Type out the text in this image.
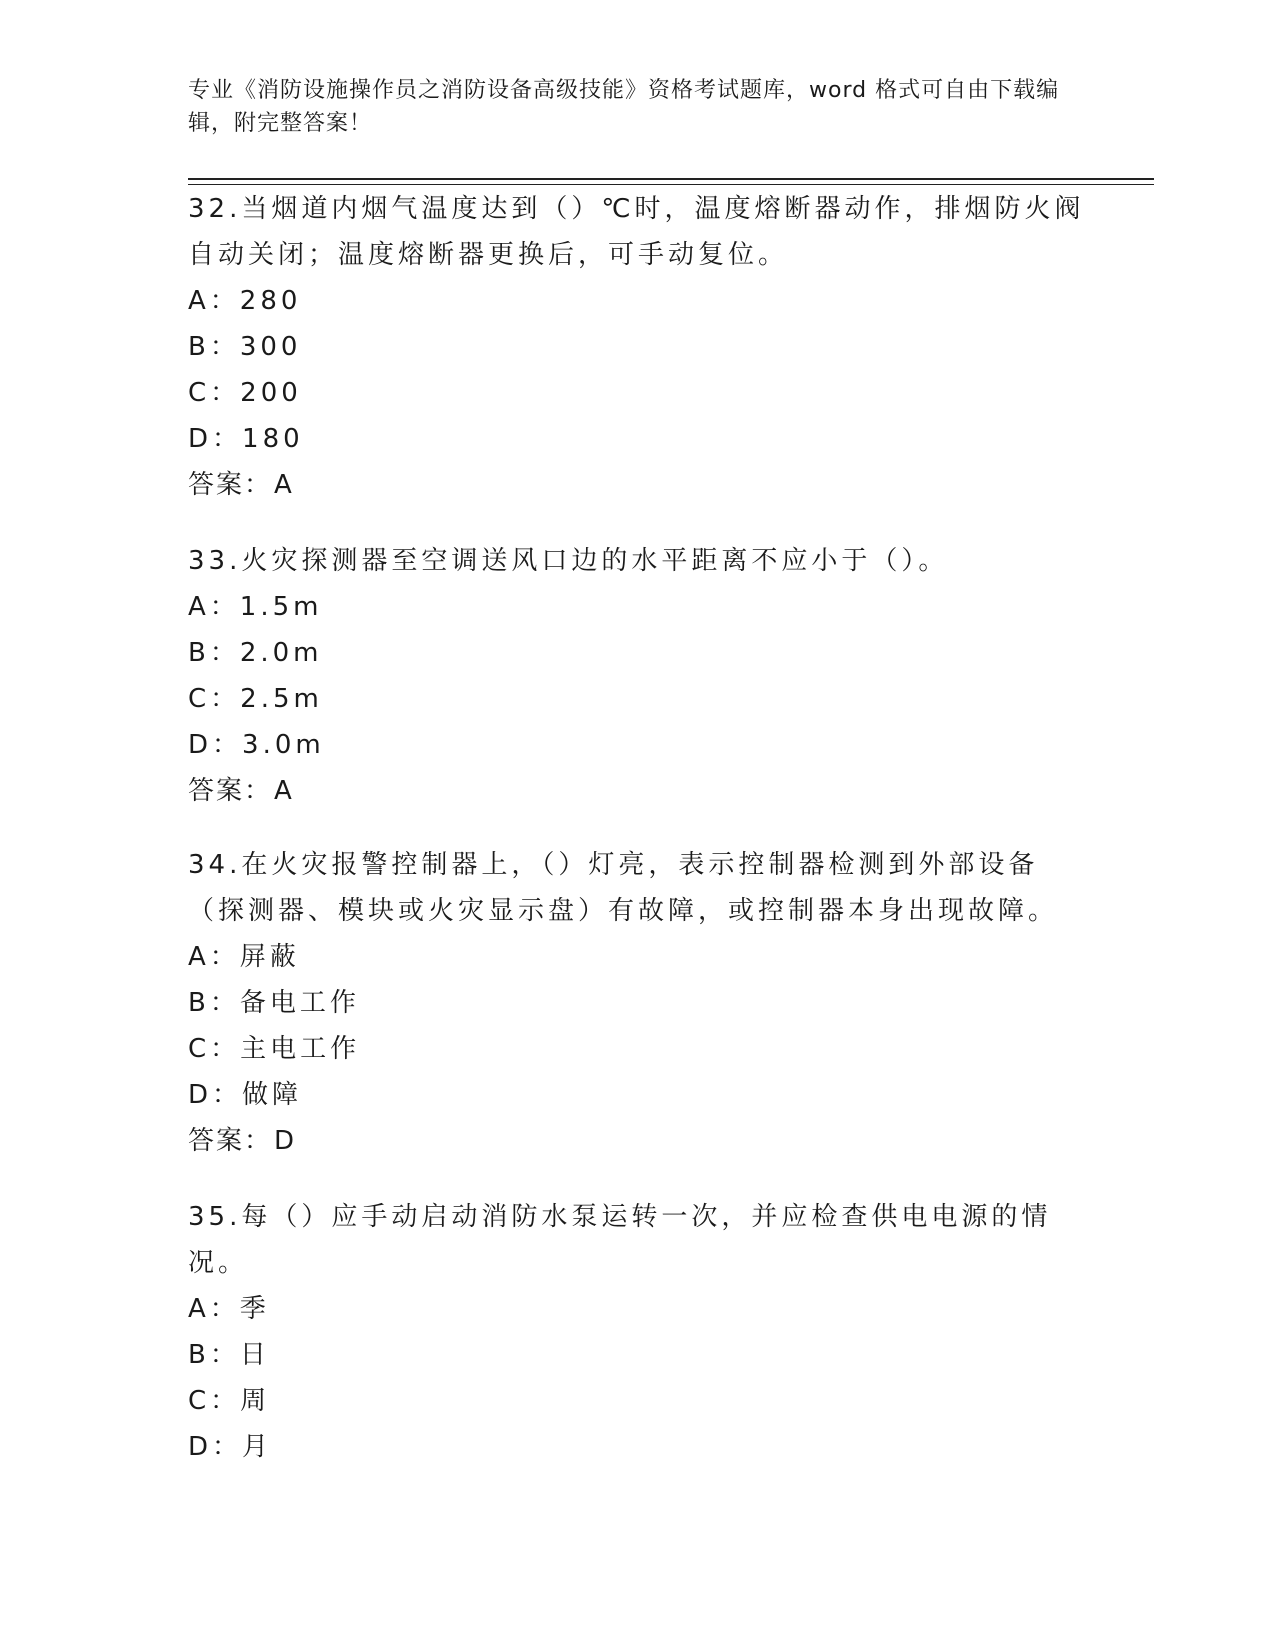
专业《消防设施操作员之消防设备高级技能》资格考试题库，word 格式可自由下载编辑，附完整答案！

32.当烟道内烟气温度达到（）℃时，温度熔断器动作，排烟防火阀自动关闭；温度熔断器更换后，可手动复位。

A：280

B：300

C：200

D：180

答案：A

33.火灾探测器至空调送风口边的水平距离不应小于（）。

A：1.5m

B：2.0m

C：2.5m

D：3.0m

答案：A

34.在火灾报警控制器上，（）灯亮，表示控制器检测到外部设备（探测器、模块或火灾显示盘）有故障，或控制器本身出现故障。

A：屏蔽

B：备电工作

C：主电工作

D：做障

答案：D

35.每（）应手动启动消防水泵运转一次，并应检查供电电源的情况。

A：季

B：日

C：周

D：月
